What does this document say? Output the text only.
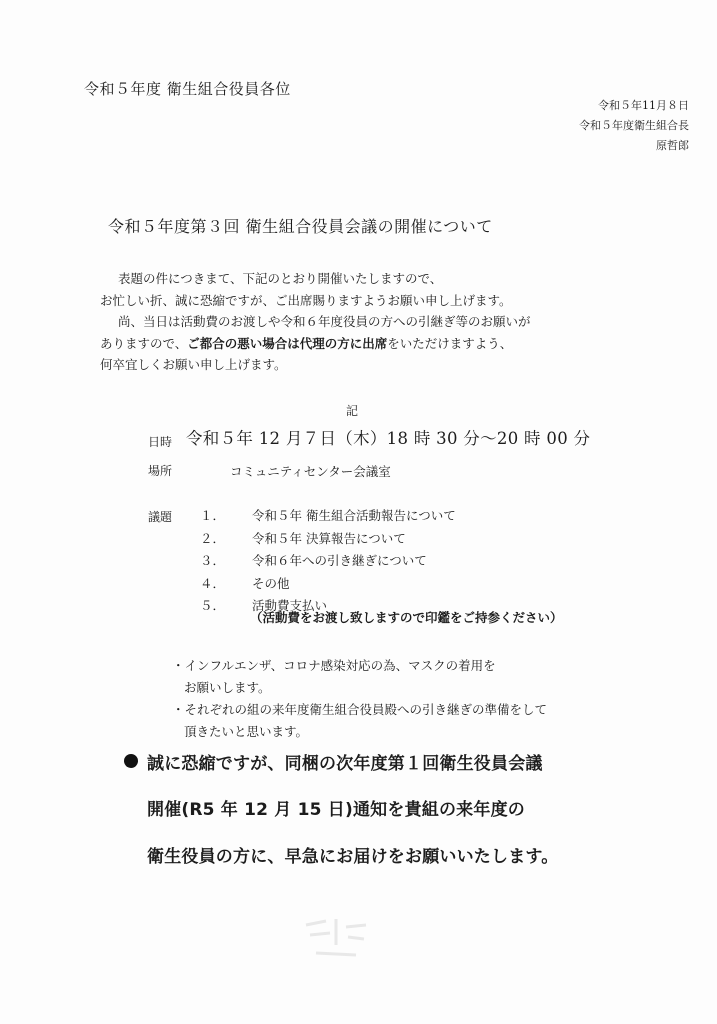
令和５年度 衛生組合役員各位
令和５年11月８日
令和５年度衛生組合長
原哲郎
令和５年度第３回 衛生組合役員会議の開催について
表題の件につきまて、下記のとおり開催いたしますので、
お忙しい折、誠に恐縮ですが、ご出席賜りますようお願い申し上げます。
尚、当日は活動費のお渡しや令和６年度役員の方への引継ぎ等のお願いが
ありますので、ご都合の悪い場合は代理の方に出席をいただけますよう、
何卒宜しくお願い申し上げます。
記
日時 令和５年 12 月７日（木）18 時 30 分～20 時 00 分
場所	コミュニティセンター会議室
議題 １．	令和５年 衛生組合活動報告について
２．	令和５年 決算報告について
３．	令和６年への引き継ぎについて
４．	その他
５．	活動費支払い
（活動費をお渡し致しますので印鑑をご持参ください）
・インフルエンザ、コロナ感染対応の為、マスクの着用を
お願いします。
・それぞれの組の来年度衛生組合役員殿への引き継ぎの準備をして
頂きたいと思います。
誠に恐縮ですが、同梱の次年度第１回衛生役員会議
開催(R5 年 12 月 15 日)通知を貴組の来年度の
衛生役員の方に、早急にお届けをお願いいたします。
